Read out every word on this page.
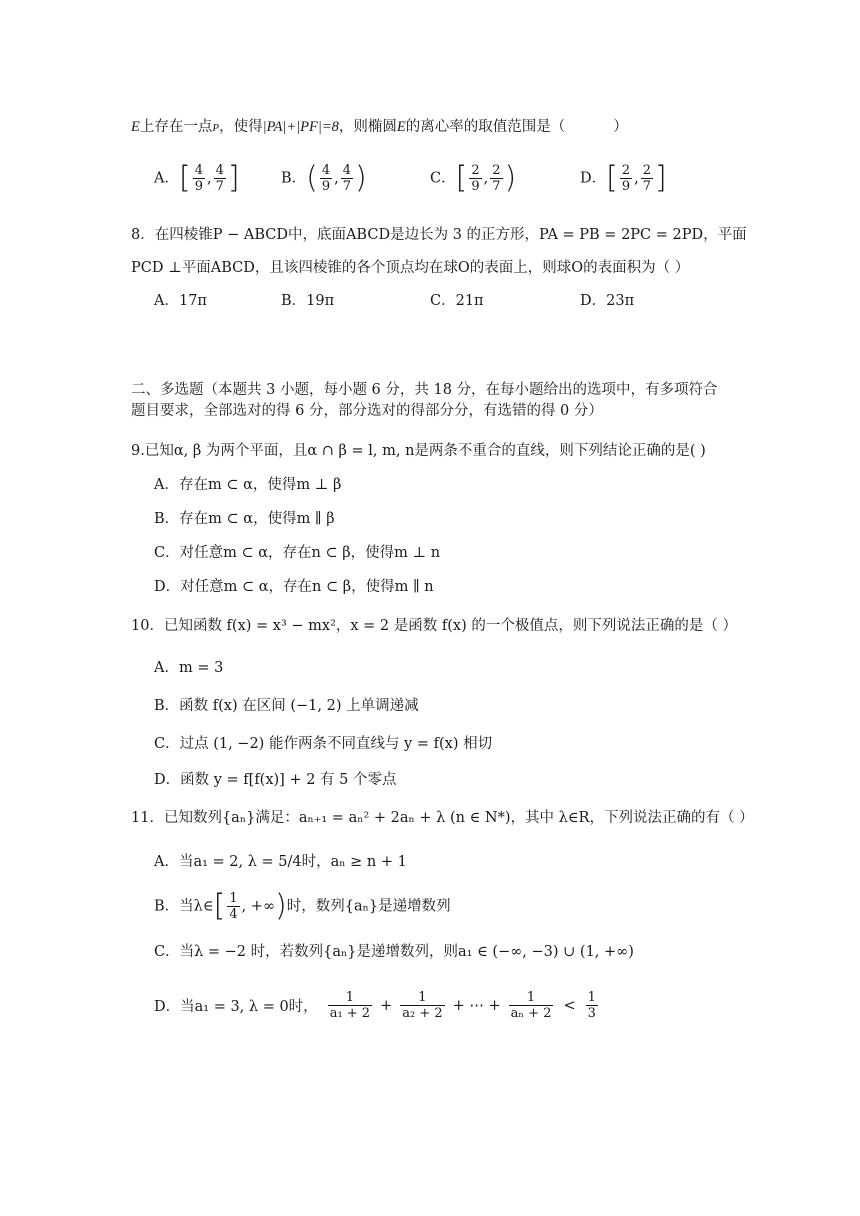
E上存在一点P，使得|PA|+|PF|=8，则椭圆E的离心率的取值范围是（	）
A．[ $\frac{4}{9}$ , $\frac{4}{7}$ ]	B．( $\frac{4}{9}$ , $\frac{4}{7}$ )	C．[ $\frac{2}{9}$ , $\frac{2}{7}$ )	D．[ $\frac{2}{9}$ , $\frac{2}{7}$ ]
8．在四棱锥P − ABCD中，底面ABCD是边长为 3 的正方形，PA = PB = 2PC = 2PD，平面
PCD ⊥平面ABCD，且该四棱锥的各个顶点均在球O的表面上，则球O的表面积为（ ）
A．17π	B．19π	C．21π	D．23π
二、多选题（本题共 3 小题，每小题 6 分，共 18 分，在每小题给出的选项中，有多项符合
题目要求，全部选对的得 6 分，部分选对的得部分分，有选错的得 0 分）
9.已知α, β 为两个平面，且α ∩ β = l, m, n是两条不重合的直线，则下列结论正确的是( )
A．存在m ⊂ α，使得m ⊥ β
B．存在m ⊂ α，使得m ∥ β
C．对任意m ⊂ α，存在n ⊂ β，使得m ⊥ n
D．对任意m ⊂ α，存在n ⊂ β，使得m ∥ n
10．已知函数 f(x) = x³ − mx²，x = 2 是函数 f(x) 的一个极值点，则下列说法正确的是（ ）
A．m = 3
B．函数 f(x) 在区间 (−1, 2) 上单调递减
C．过点 (1, −2) 能作两条不同直线与 y = f(x) 相切
D．函数 y = f[f(x)] + 2 有 5 个零点
11．已知数列{aₙ}满足：aₙ₊₁ = aₙ² + 2aₙ + λ (n ∈ N*)，其中 λ∈R，下列说法正确的有（ ）
A．当a₁ = 2, λ = 5/4时，aₙ ≥ n + 1
B．当λ∈[ $\frac{1}{4}$ , +∞)时，数列{aₙ}是递增数列
C．当λ = −2 时，若数列{aₙ}是递增数列，则a₁ ∈ (−∞, −3) ∪ (1, +∞)
D．当a₁ = 3, λ = 0时， $\frac{1}{\text{a₁ + 2}} + \frac{1}{\text{a₂ + 2}}$ + ⋯ + $\frac{1}{\text{aₙ + 2}} < \frac{1}{3}$
